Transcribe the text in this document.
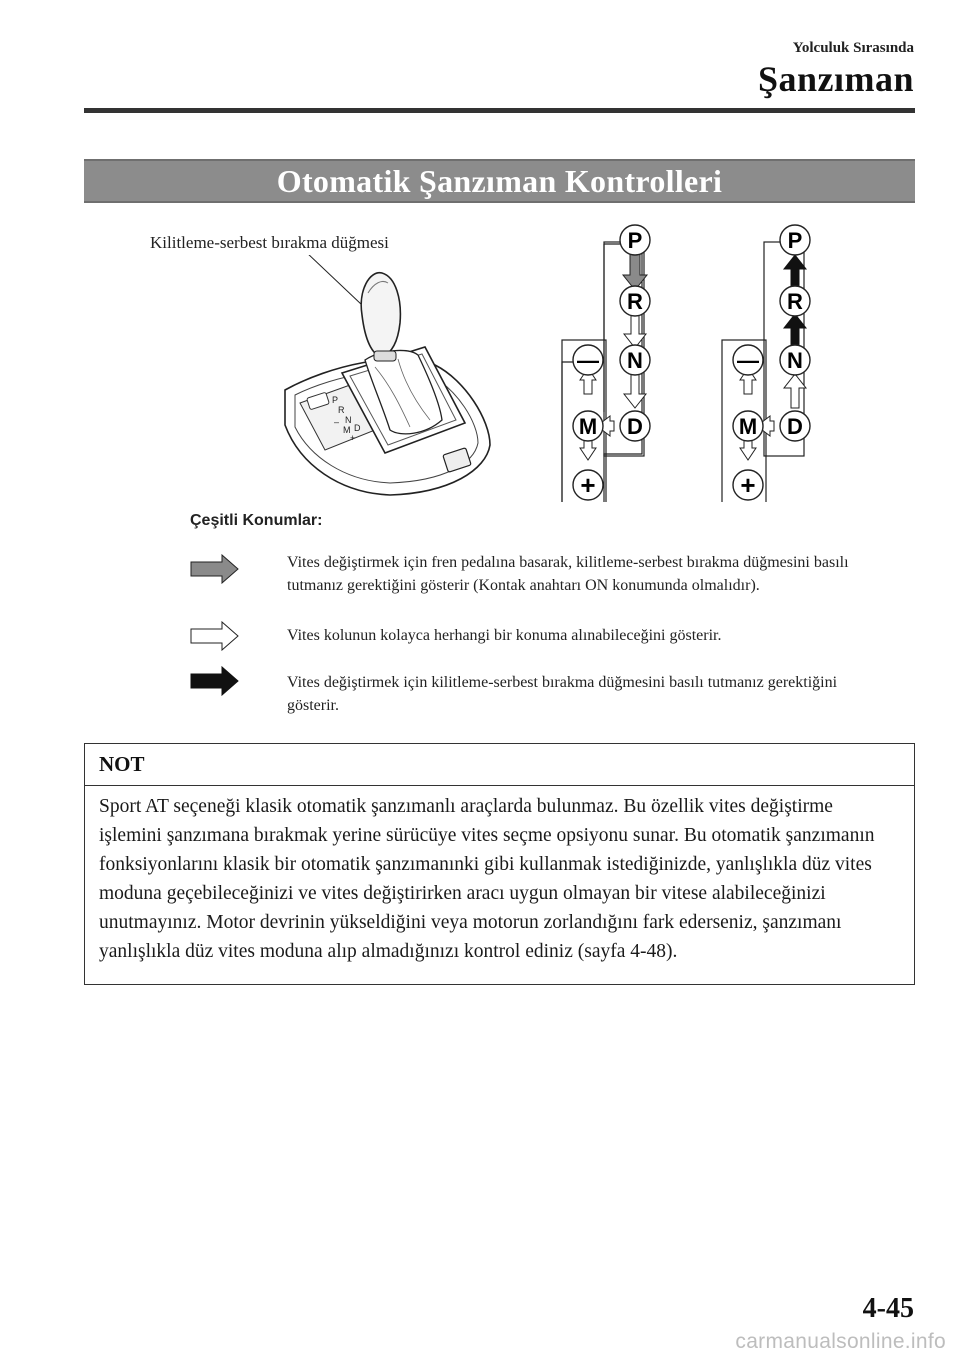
Yolculuk Sırasında
Şanzıman
Otomatik Şanzıman Kontrolleri
Kilitleme-serbest bırakma düğmesi
P
R
N
D
M
–
+
P
R
N
D
M
—
+
P
R
N
D
M
—
+
Çeşitli Konumlar:
Vites değiştirmek için fren pedalına basarak, kilitleme-serbest bırakma düğmesini basılı tutmanız gerektiğini gösterir (Kontak anahtarı ON konumunda olmalıdır).
Vites kolunun kolayca herhangi bir konuma alınabileceğini gösterir.
Vites değiştirmek için kilitleme-serbest bırakma düğmesini basılı tutmanız gerektiğini gösterir.
NOT
Sport AT seçeneği klasik otomatik şanzımanlı araçlarda bulunmaz. Bu özellik vites değiştirme işlemini şanzımana bırakmak yerine sürücüye vites seçme opsiyonu sunar. Bu otomatik şanzımanın fonksiyonlarını klasik bir otomatik şanzımanınki gibi kullanmak istediğinizde, yanlışlıkla düz vites moduna geçebileceğinizi ve vites değiştirirken aracı uygun olmayan bir vitese alabileceğinizi unutmayınız. Motor devrinin yükseldiğini veya motorun zorlandığını fark ederseniz, şanzımanı yanlışlıkla düz vites moduna alıp almadığınızı kontrol ediniz (sayfa 4-48).
4-45
carmanualsonline.info
